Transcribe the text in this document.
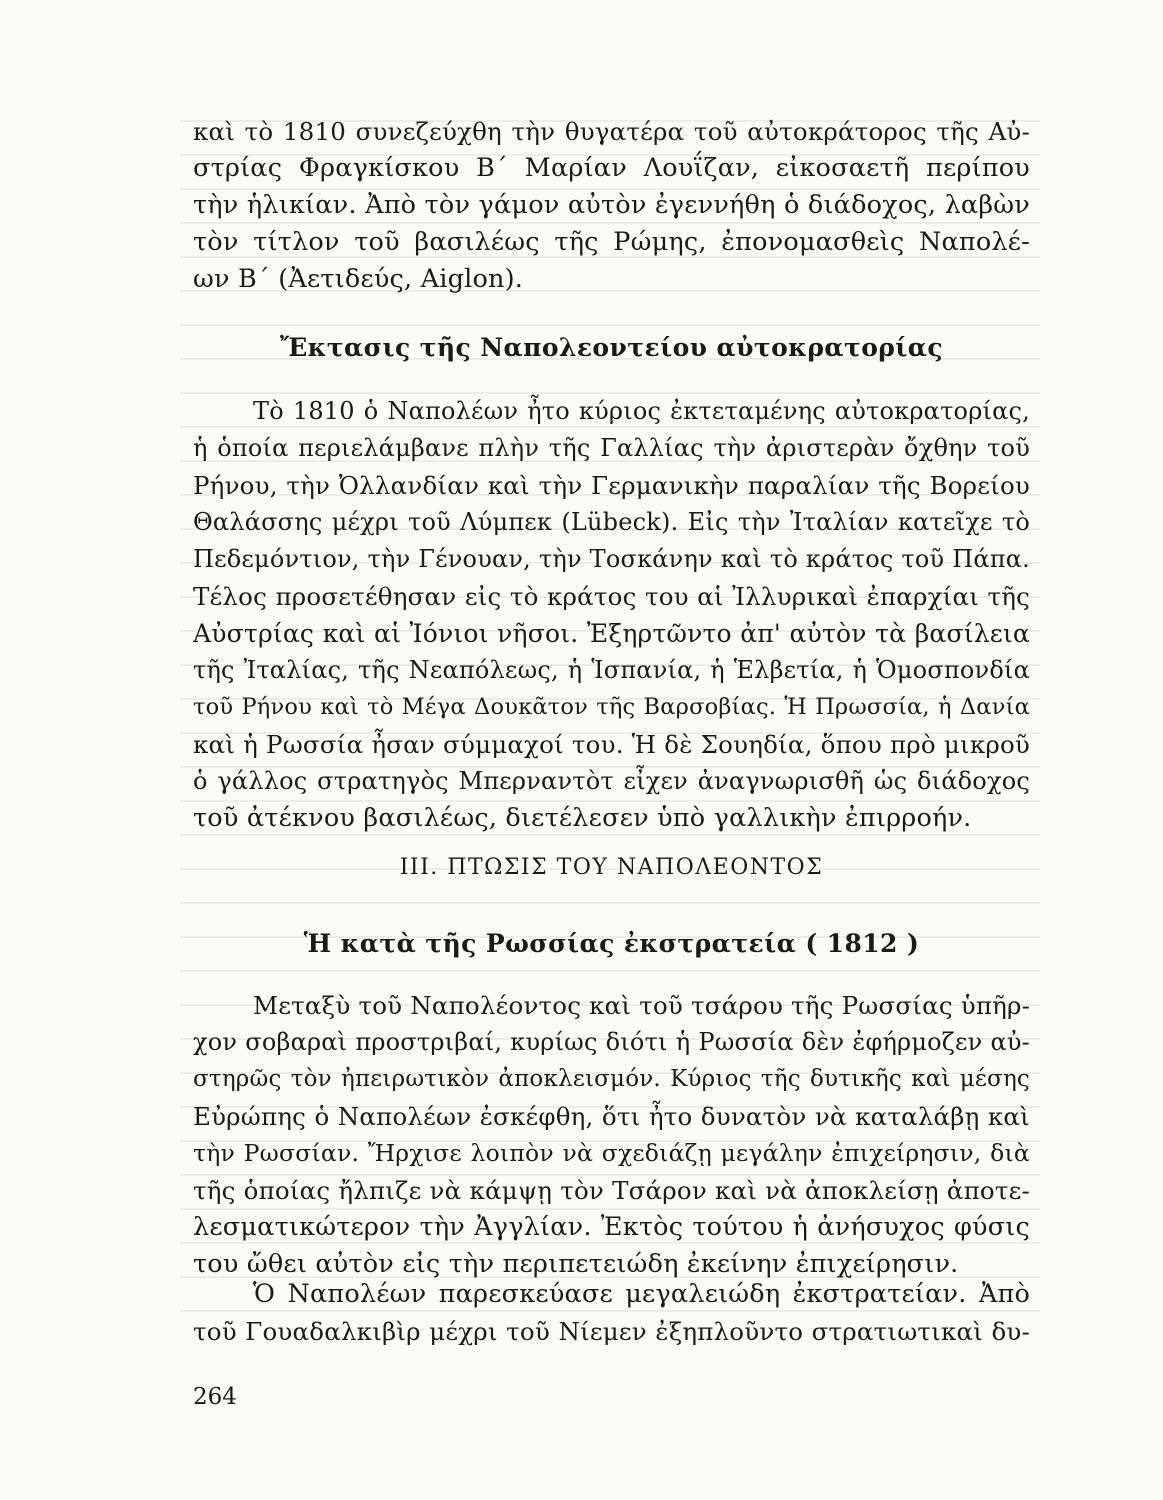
καὶ τὸ 1810 συνεζεύχθη τὴν θυγατέρα τοῦ αὐτοκράτορος τῆς Αὐ-
στρίας Φραγκίσκου Β΄ Μαρίαν Λουΐζαν, εἰκοσαετῆ περίπου
τὴν ἡλικίαν. Ἀπὸ τὸν γάμον αὐτὸν ἐγεννήθη ὁ διάδοχος, λαβὼν
τὸν τίτλον τοῦ βασιλέως τῆς Ρώμης, ἐπονομασθεὶς Ναπολέ-
ων Β΄ (Ἀετιδεύς, Aiglon).
Ἔκτασις τῆς Ναπολεοντείου αὐτοκρατορίας
Τὸ 1810 ὁ Ναπολέων ἦτο κύριος ἐκτεταμένης αὐτοκρατορίας,
ἡ ὁποία περιελάμβανε πλὴν τῆς Γαλλίας τὴν ἀριστερὰν ὄχθην τοῦ
Ρήνου, τὴν Ὀλλανδίαν καὶ τὴν Γερμανικὴν παραλίαν τῆς Βορείου
Θαλάσσης μέχρι τοῦ Λύμπεκ (Lübeck). Εἰς τὴν Ἰταλίαν κατεῖχε τὸ
Πεδεμόντιον, τὴν Γένουαν, τὴν Τοσκάνην καὶ τὸ κράτος τοῦ Πάπα.
Τέλος προσετέθησαν εἰς τὸ κράτος του αἱ Ἰλλυρικαὶ ἐπαρχίαι τῆς
Αὐστρίας καὶ αἱ Ἰόνιοι νῆσοι. Ἐξηρτῶντο ἀπ' αὐτὸν τὰ βασίλεια
τῆς Ἰταλίας, τῆς Νεαπόλεως, ἡ Ἱσπανία, ἡ Ἑλβετία, ἡ Ὁμοσπονδία
τοῦ Ρήνου καὶ τὸ Μέγα Δουκᾶτον τῆς Βαρσοβίας. Ἡ Πρωσσία, ἡ Δανία
καὶ ἡ Ρωσσία ἦσαν σύμμαχοί του. Ἡ δὲ Σουηδία, ὅπου πρὸ μικροῦ
ὁ γάλλος στρατηγὸς Μπερναντὸτ εἶχεν ἀναγνωρισθῆ ὡς διάδοχος
τοῦ ἀτέκνου βασιλέως, διετέλεσεν ὑπὸ γαλλικὴν ἐπιρροήν.
ΙΙΙ. ΠΤΩΣΙΣ ΤΟΥ ΝΑΠΟΛΕΟΝΤΟΣ
Ἡ κατὰ τῆς Ρωσσίας ἐκστρατεία ( 1812 )
Μεταξὺ τοῦ Ναπολέοντος καὶ τοῦ τσάρου τῆς Ρωσσίας ὑπῆρ-
χον σοβαραὶ προστριβαί, κυρίως διότι ἡ Ρωσσία δὲν ἐφήρμοζεν αὐ-
στηρῶς τὸν ἠπειρωτικὸν ἀποκλεισμόν. Κύριος τῆς δυτικῆς καὶ μέσης
Εὐρώπης ὁ Ναπολέων ἐσκέφθη, ὅτι ἦτο δυνατὸν νὰ καταλάβῃ καὶ
τὴν Ρωσσίαν. Ἤρχισε λοιπὸν νὰ σχεδιάζῃ μεγάλην ἐπιχείρησιν, διὰ
τῆς ὁποίας ἤλπιζε νὰ κάμψῃ τὸν Τσάρον καὶ νὰ ἀποκλείσῃ ἀποτε-
λεσματικώτερον τὴν Ἀγγλίαν. Ἐκτὸς τούτου ἡ ἀνήσυχος φύσις
του ὤθει αὐτὸν εἰς τὴν περιπετειώδη ἐκείνην ἐπιχείρησιν.
Ὁ Ναπολέων παρεσκεύασε μεγαλειώδη ἐκστρατείαν. Ἀπὸ
τοῦ Γουαδαλκιβὶρ μέχρι τοῦ Νίεμεν ἐξηπλοῦντο στρατιωτικαὶ δυ-
264
